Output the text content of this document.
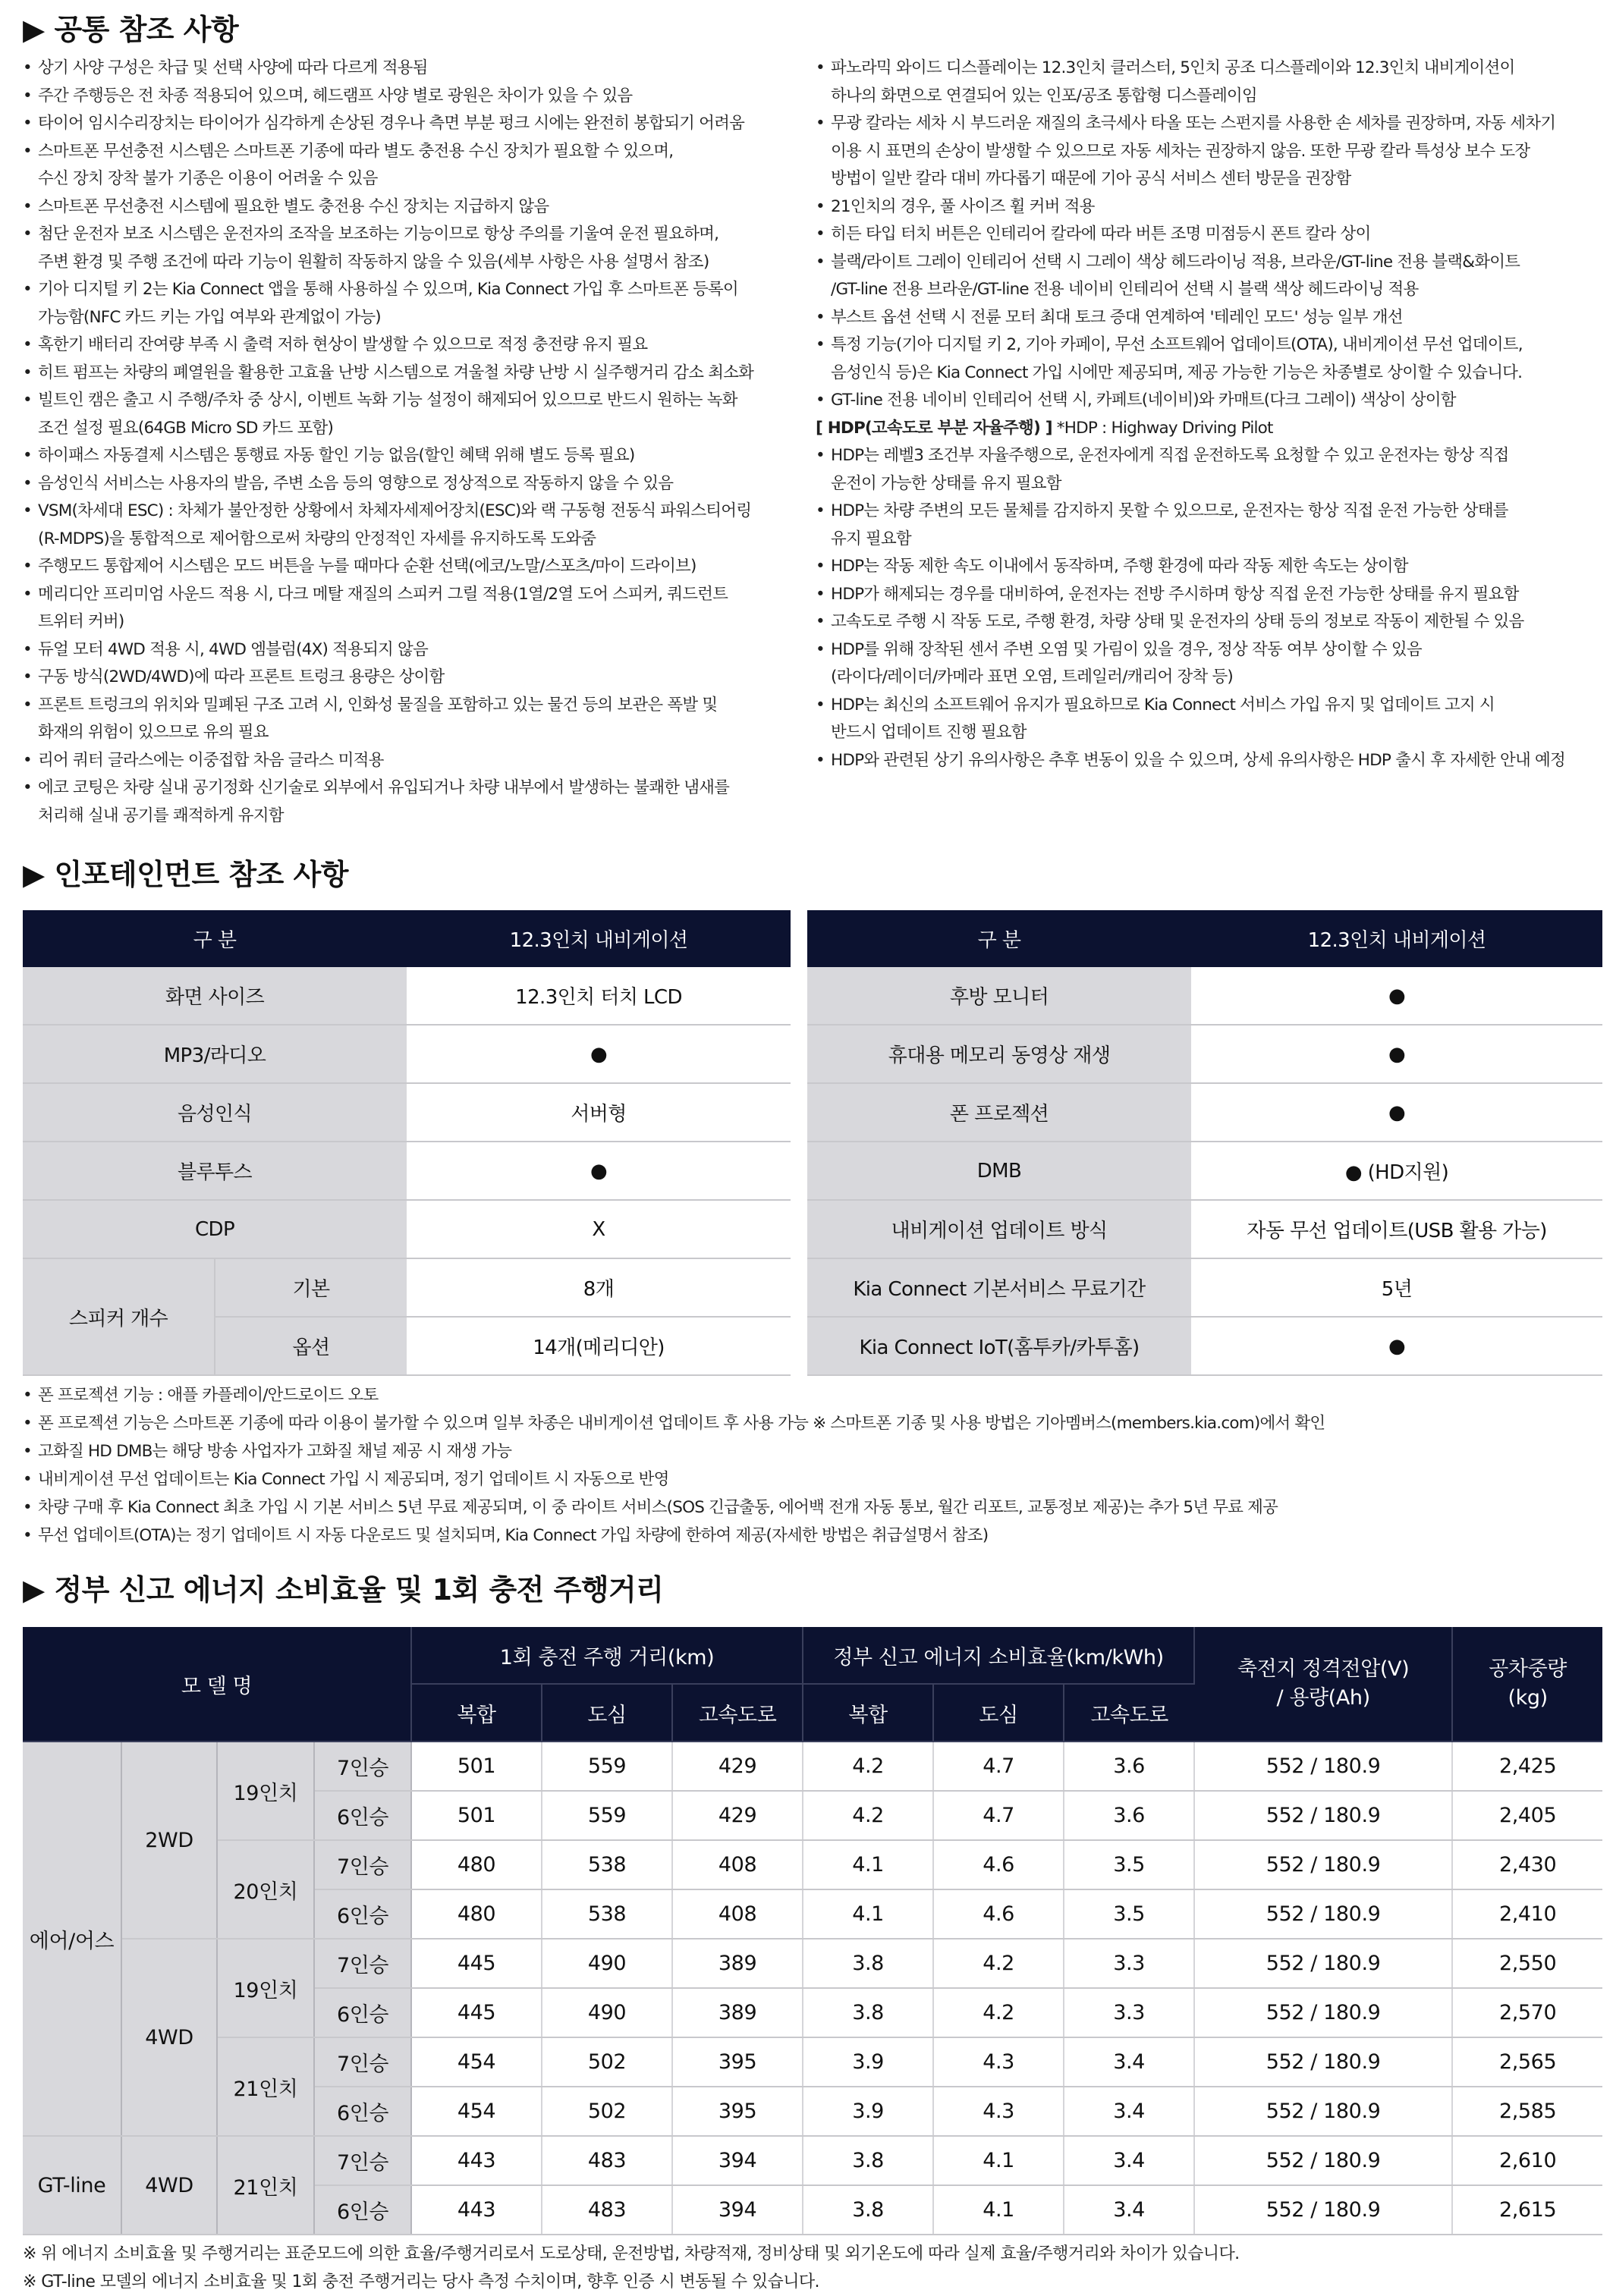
▶ 공통 참조 사항
• 상기 사양 구성은 차급 및 선택 사양에 따라 다르게 적용됨
• 주간 주행등은 전 차종 적용되어 있으며, 헤드램프 사양 별로 광원은 차이가 있을 수 있음
• 타이어 임시수리장치는 타이어가 심각하게 손상된 경우나 측면 부분 펑크 시에는 완전히 봉합되기 어려움
• 스마트폰 무선충전 시스템은 스마트폰 기종에 따라 별도 충전용 수신 장치가 필요할 수 있으며,
수신 장치 장착 불가 기종은 이용이 어려울 수 있음
• 스마트폰 무선충전 시스템에 필요한 별도 충전용 수신 장치는 지급하지 않음
• 첨단 운전자 보조 시스템은 운전자의 조작을 보조하는 기능이므로 항상 주의를 기울여 운전 필요하며,
주변 환경 및 주행 조건에 따라 기능이 원활히 작동하지 않을 수 있음(세부 사항은 사용 설명서 참조)
• 기아 디지털 키 2는 Kia Connect 앱을 통해 사용하실 수 있으며, Kia Connect 가입 후 스마트폰 등록이
가능함(NFC 카드 키는 가입 여부와 관계없이 가능)
• 혹한기 배터리 잔여량 부족 시 출력 저하 현상이 발생할 수 있으므로 적정 충전량 유지 필요
• 히트 펌프는 차량의 폐열원을 활용한 고효율 난방 시스템으로 겨울철 차량 난방 시 실주행거리 감소 최소화
• 빌트인 캠은 출고 시 주행/주차 중 상시, 이벤트 녹화 기능 설정이 해제되어 있으므로 반드시 원하는 녹화
조건 설정 필요(64GB Micro SD 카드 포함)
• 하이패스 자동결제 시스템은 통행료 자동 할인 기능 없음(할인 혜택 위해 별도 등록 필요)
• 음성인식 서비스는 사용자의 발음, 주변 소음 등의 영향으로 정상적으로 작동하지 않을 수 있음
• VSM(차세대 ESC) : 차체가 불안정한 상황에서 차체자세제어장치(ESC)와 랙 구동형 전동식 파워스티어링
(R-MDPS)을 통합적으로 제어함으로써 차량의 안정적인 자세를 유지하도록 도와줌
• 주행모드 통합제어 시스템은 모드 버튼을 누를 때마다 순환 선택(에코/노말/스포츠/마이 드라이브)
• 메리디안 프리미엄 사운드 적용 시, 다크 메탈 재질의 스피커 그릴 적용(1열/2열 도어 스피커, 쿼드런트
트위터 커버)
• 듀얼 모터 4WD 적용 시, 4WD 엠블럼(4X) 적용되지 않음
• 구동 방식(2WD/4WD)에 따라 프론트 트렁크 용량은 상이함
• 프론트 트렁크의 위치와 밀폐된 구조 고려 시, 인화성 물질을 포함하고 있는 물건 등의 보관은 폭발 및
화재의 위험이 있으므로 유의 필요
• 리어 쿼터 글라스에는 이중접합 차음 글라스 미적용
• 에코 코팅은 차량 실내 공기정화 신기술로 외부에서 유입되거나 차량 내부에서 발생하는 불쾌한 냄새를
처리해 실내 공기를 쾌적하게 유지함
• 파노라믹 와이드 디스플레이는 12.3인치 클러스터, 5인치 공조 디스플레이와 12.3인치 내비게이션이
하나의 화면으로 연결되어 있는 인포/공조 통합형 디스플레이임
• 무광 칼라는 세차 시 부드러운 재질의 초극세사 타올 또는 스펀지를 사용한 손 세차를 권장하며, 자동 세차기
이용 시 표면의 손상이 발생할 수 있으므로 자동 세차는 권장하지 않음. 또한 무광 칼라 특성상 보수 도장
방법이 일반 칼라 대비 까다롭기 때문에 기아 공식 서비스 센터 방문을 권장함
• 21인치의 경우, 풀 사이즈 휠 커버 적용
• 히든 타입 터치 버튼은 인테리어 칼라에 따라 버튼 조명 미점등시 폰트 칼라 상이
• 블랙/라이트 그레이 인테리어 선택 시 그레이 색상 헤드라이닝 적용, 브라운/GT-line 전용 블랙&화이트
/GT-line 전용 브라운/GT-line 전용 네이비 인테리어 선택 시 블랙 색상 헤드라이닝 적용
• 부스트 옵션 선택 시 전륜 모터 최대 토크 증대 연계하여 '테레인 모드' 성능 일부 개선
• 특정 기능(기아 디지털 키 2, 기아 카페이, 무선 소프트웨어 업데이트(OTA), 내비게이션 무선 업데이트,
음성인식 등)은 Kia Connect 가입 시에만 제공되며, 제공 가능한 기능은 차종별로 상이할 수 있습니다.
• GT-line 전용 네이비 인테리어 선택 시, 카페트(네이비)와 카매트(다크 그레이) 색상이 상이함
[ HDP(고속도로 부분 자율주행) ] *HDP : Highway Driving Pilot
• HDP는 레벨3 조건부 자율주행으로, 운전자에게 직접 운전하도록 요청할 수 있고 운전자는 항상 직접
운전이 가능한 상태를 유지 필요함
• HDP는 차량 주변의 모든 물체를 감지하지 못할 수 있으므로, 운전자는 항상 직접 운전 가능한 상태를
유지 필요함
• HDP는 작동 제한 속도 이내에서 동작하며, 주행 환경에 따라 작동 제한 속도는 상이함
• HDP가 해제되는 경우를 대비하여, 운전자는 전방 주시하며 항상 직접 운전 가능한 상태를 유지 필요함
• 고속도로 주행 시 작동 도로, 주행 환경, 차량 상태 및 운전자의 상태 등의 정보로 작동이 제한될 수 있음
• HDP를 위해 장착된 센서 주변 오염 및 가림이 있을 경우, 정상 작동 여부 상이할 수 있음
(라이다/레이더/카메라 표면 오염, 트레일러/캐리어 장착 등)
• HDP는 최신의 소프트웨어 유지가 필요하므로 Kia Connect 서비스 가입 유지 및 업데이트 고지 시
반드시 업데이트 진행 필요함
• HDP와 관련된 상기 유의사항은 추후 변동이 있을 수 있으며, 상세 유의사항은 HDP 출시 후 자세한 안내 예정
▶ 인포테인먼트 참조 사항
구 분		12.3인치 내비게이션		구 분	12.3인치 내비게이션
화면 사이즈		12.3인치 터치 LCD		후방 모니터	●
MP3/라디오		●		휴대용 메모리 동영상 재생	●
음성인식		서버형		폰 프로젝션	●
블루투스		●		DMB	● (HD지원)
CDP		X		내비게이션 업데이트 방식	자동 무선 업데이트(USB 활용 가능)
스피커 개수	기본	8개		Kia Connect 기본서비스 무료기간	5년
	옵션	14개(메리디안)		Kia Connect IoT(홈투카/카투홈)	●
• 폰 프로젝션 기능 : 애플 카플레이/안드로이드 오토
• 폰 프로젝션 기능은 스마트폰 기종에 따라 이용이 불가할 수 있으며 일부 차종은 내비게이션 업데이트 후 사용 가능 ※ 스마트폰 기종 및 사용 방법은 기아멤버스(members.kia.com)에서 확인
• 고화질 HD DMB는 해당 방송 사업자가 고화질 채널 제공 시 재생 가능
• 내비게이션 무선 업데이트는 Kia Connect 가입 시 제공되며, 정기 업데이트 시 자동으로 반영
• 차량 구매 후 Kia Connect 최초 가입 시 기본 서비스 5년 무료 제공되며, 이 중 라이트 서비스(SOS 긴급출동, 에어백 전개 자동 통보, 월간 리포트, 교통정보 제공)는 추가 5년 무료 제공
• 무선 업데이트(OTA)는 정기 업데이트 시 자동 다운로드 및 설치되며, Kia Connect 가입 차량에 한하여 제공(자세한 방법은 취급설명서 참조)
▶ 정부 신고 에너지 소비효율 및 1회 충전 주행거리
모 델 명				1회 충전 주행 거리(km)			정부 신고 에너지 소비효율(km/kWh)			축전지 정격전압(V)
/ 용량(Ah)	공차중량
(kg)
				복합	도심	고속도로	복합	도심	고속도로		
에어/어스	2WD	19인치	7인승	501	559	429	4.2	4.7	3.6	552 / 180.9	2,425
			6인승	501	559	429	4.2	4.7	3.6	552 / 180.9	2,405
		20인치	7인승	480	538	408	4.1	4.6	3.5	552 / 180.9	2,430
			6인승	480	538	408	4.1	4.6	3.5	552 / 180.9	2,410
	4WD	19인치	7인승	445	490	389	3.8	4.2	3.3	552 / 180.9	2,550
			6인승	445	490	389	3.8	4.2	3.3	552 / 180.9	2,570
		21인치	7인승	454	502	395	3.9	4.3	3.4	552 / 180.9	2,565
			6인승	454	502	395	3.9	4.3	3.4	552 / 180.9	2,585
GT-line	4WD	21인치	7인승	443	483	394	3.8	4.1	3.4	552 / 180.9	2,610
			6인승	443	483	394	3.8	4.1	3.4	552 / 180.9	2,615
※ 위 에너지 소비효율 및 주행거리는 표준모드에 의한 효율/주행거리로서 도로상태, 운전방법, 차량적재, 정비상태 및 외기온도에 따라 실제 효율/주행거리와 차이가 있습니다.
※ GT-line 모델의 에너지 소비효율 및 1회 충전 주행거리는 당사 측정 수치이며, 향후 인증 시 변동될 수 있습니다.
